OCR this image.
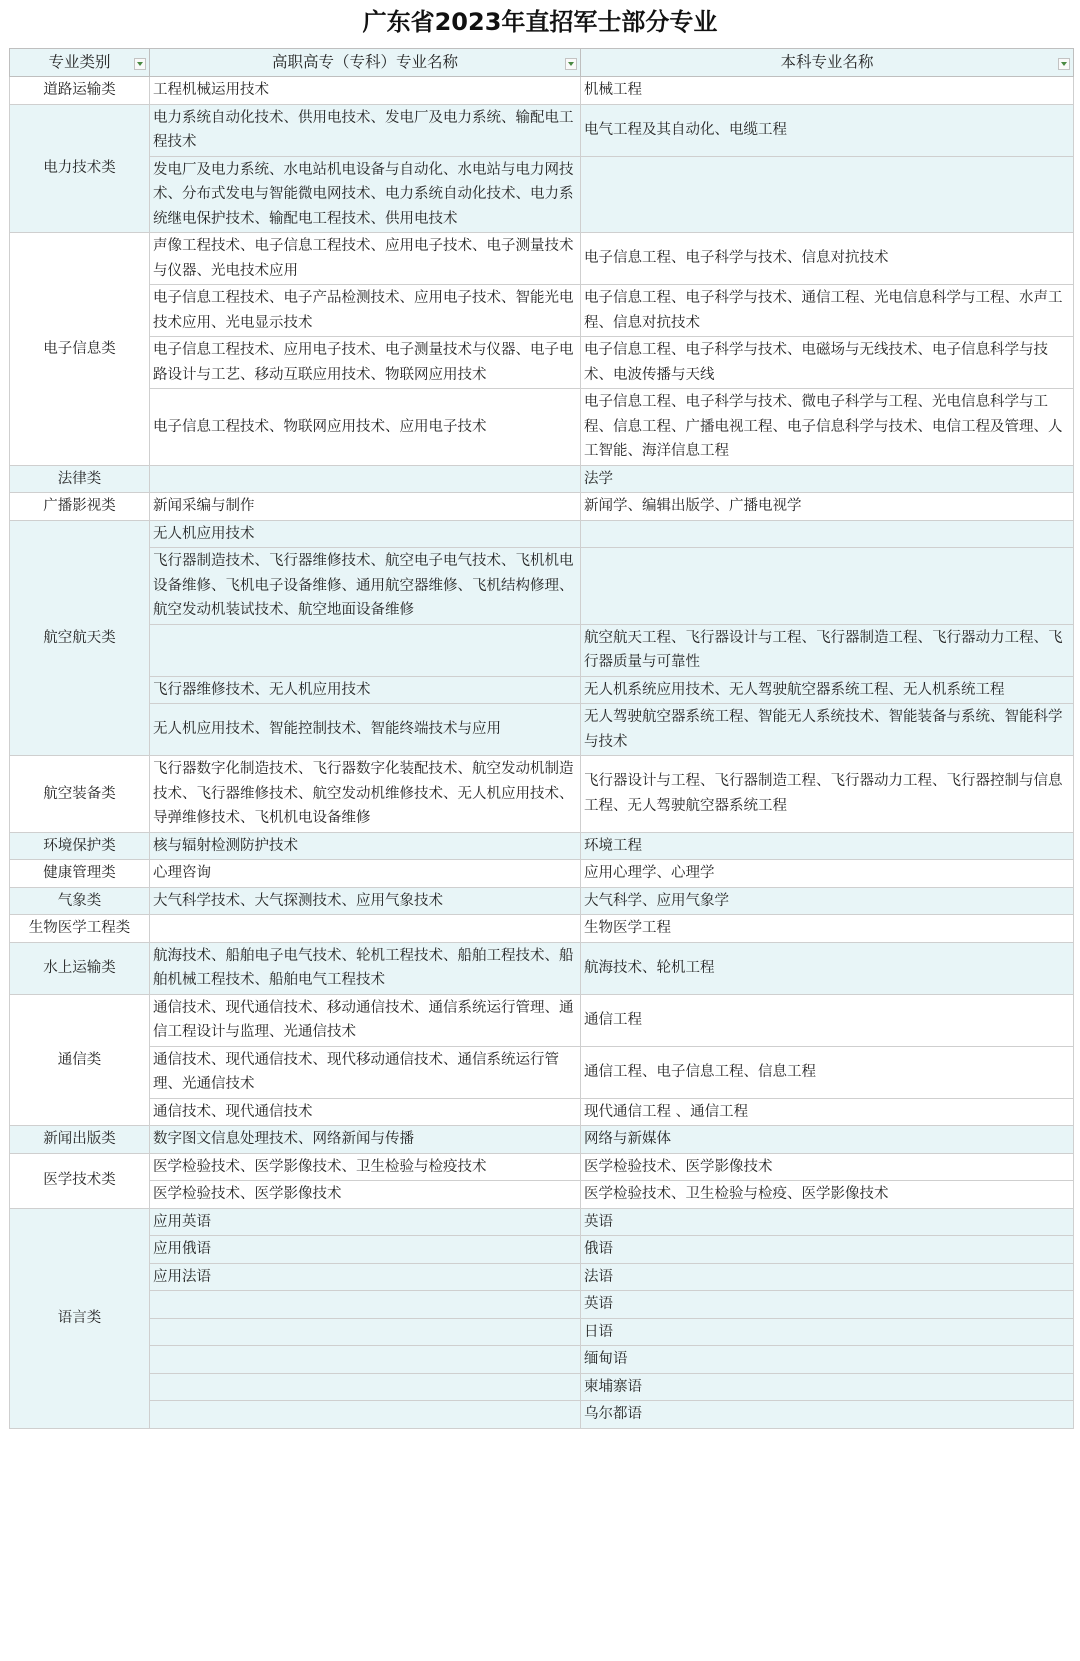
广东省2023年直招军士部分专业
专业类别	高职高专（专科）专业名称	本科专业名称

道路运输类	工程机械运用技术	机械工程
电力技术类	电力系统自动化技术、供用电技术、发电厂及电力系统、输配电工程技术	电气工程及其自动化、电缆工程
	发电厂及电力系统、水电站机电设备与自动化、水电站与电力网技术、分布式发电与智能微电网技术、电力系统自动化技术、电力系统继电保护技术、输配电工程技术、供用电技术	
电子信息类	声像工程技术、电子信息工程技术、应用电子技术、电子测量技术与仪器、光电技术应用	电子信息工程、电子科学与技术、信息对抗技术
	电子信息工程技术、电子产品检测技术、应用电子技术、智能光电技术应用、光电显示技术	电子信息工程、电子科学与技术、通信工程、光电信息科学与工程、水声工程、信息对抗技术
	电子信息工程技术、应用电子技术、电子测量技术与仪器、电子电路设计与工艺、移动互联应用技术、物联网应用技术	电子信息工程、电子科学与技术、电磁场与无线技术、电子信息科学与技术、电波传播与天线
	电子信息工程技术、物联网应用技术、应用电子技术	电子信息工程、电子科学与技术、微电子科学与工程、光电信息科学与工程、信息工程、广播电视工程、电子信息科学与技术、电信工程及管理、人工智能、海洋信息工程
法律类		法学
广播影视类	新闻采编与制作	新闻学、编辑出版学、广播电视学
航空航天类	无人机应用技术	
	飞行器制造技术、飞行器维修技术、航空电子电气技术、飞机机电设备维修、飞机电子设备维修、通用航空器维修、飞机结构修理、航空发动机装试技术、航空地面设备维修	
		航空航天工程、飞行器设计与工程、飞行器制造工程、飞行器动力工程、飞行器质量与可靠性
	飞行器维修技术、无人机应用技术	无人机系统应用技术、无人驾驶航空器系统工程、无人机系统工程
	无人机应用技术、智能控制技术、智能终端技术与应用	无人驾驶航空器系统工程、智能无人系统技术、智能装备与系统、智能科学与技术
航空装备类	飞行器数字化制造技术、飞行器数字化装配技术、航空发动机制造技术、飞行器维修技术、航空发动机维修技术、无人机应用技术、导弹维修技术、飞机机电设备维修	飞行器设计与工程、飞行器制造工程、飞行器动力工程、飞行器控制与信息工程、无人驾驶航空器系统工程
环境保护类	核与辐射检测防护技术	环境工程
健康管理类	心理咨询	应用心理学、心理学
气象类	大气科学技术、大气探测技术、应用气象技术	大气科学、应用气象学
生物医学工程类		生物医学工程
水上运输类	航海技术、船舶电子电气技术、轮机工程技术、船舶工程技术、船舶机械工程技术、船舶电气工程技术	航海技术、轮机工程
通信类	通信技术、现代通信技术、移动通信技术、通信系统运行管理、通信工程设计与监理、光通信技术	通信工程
	通信技术、现代通信技术、现代移动通信技术、通信系统运行管理、光通信技术	通信工程、电子信息工程、信息工程
	通信技术、现代通信技术	现代通信工程 、通信工程
新闻出版类	数字图文信息处理技术、网络新闻与传播	网络与新媒体
医学技术类	医学检验技术、医学影像技术、卫生检验与检疫技术	医学检验技术、医学影像技术
	医学检验技术、医学影像技术	医学检验技术、卫生检验与检疫、医学影像技术
语言类	应用英语	英语
	应用俄语	俄语
	应用法语	法语
		英语
		日语
		缅甸语
		柬埔寨语
		乌尔都语
